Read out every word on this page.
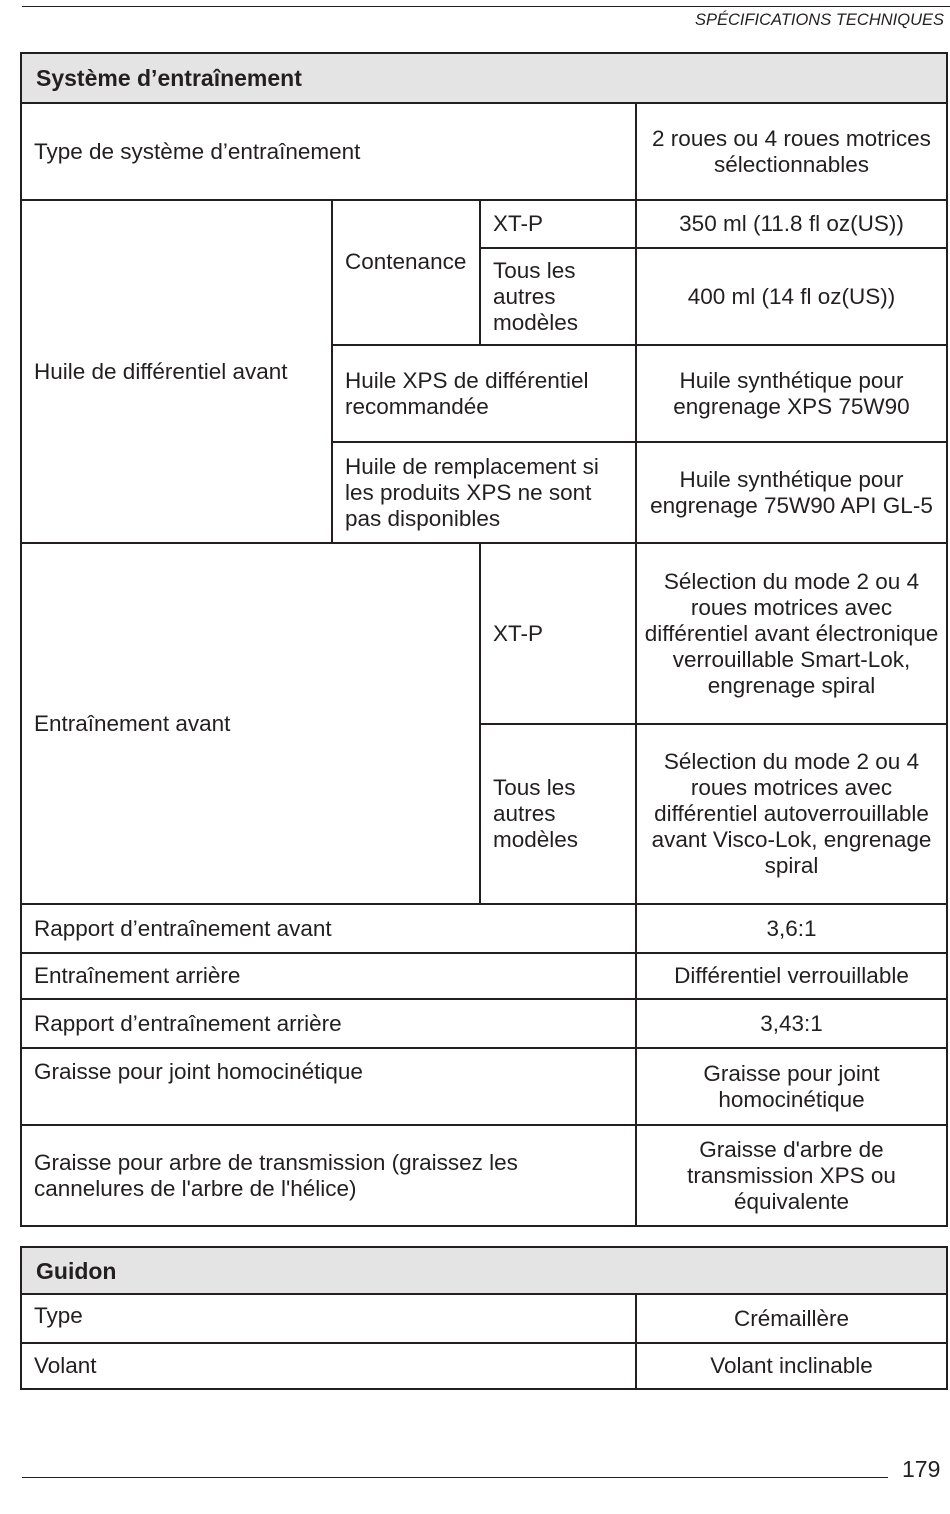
SPÉCIFICATIONS TECHNIQUES
Système d’entraînement			
Type de système d’entraînement			2 roues ou 4 roues motrices sélectionnables
Huile de différentiel avant	Contenance	XT-P	350 ml (11.8 fl oz(US))
		Tous les autres modèles	400 ml (14 fl oz(US))
	Huile XPS de différentiel recommandée		Huile synthétique pour engrenage XPS 75W90
	Huile de remplacement si les produits XPS ne sont pas disponibles		Huile synthétique pour engrenage 75W90 API GL-5
Entraînement avant		XT-P	Sélection du mode 2 ou 4 roues motrices avec différentiel avant électronique verrouillable Smart-Lok, engrenage spiral
		Tous les autres modèles	Sélection du mode 2 ou 4 roues motrices avec différentiel autoverrouillable avant Visco-Lok, engrenage spiral
Rapport d’entraînement avant			3,6:1
Entraînement arrière			Différentiel verrouillable
Rapport d’entraînement arrière			3,43:1
Graisse pour joint homocinétique			Graisse pour joint homocinétique
Graisse pour arbre de transmission (graissez les cannelures de l'arbre de l'hélice)			Graisse d'arbre de transmission XPS ou équivalente
Guidon	
Type	Crémaillère
Volant	Volant inclinable
179
